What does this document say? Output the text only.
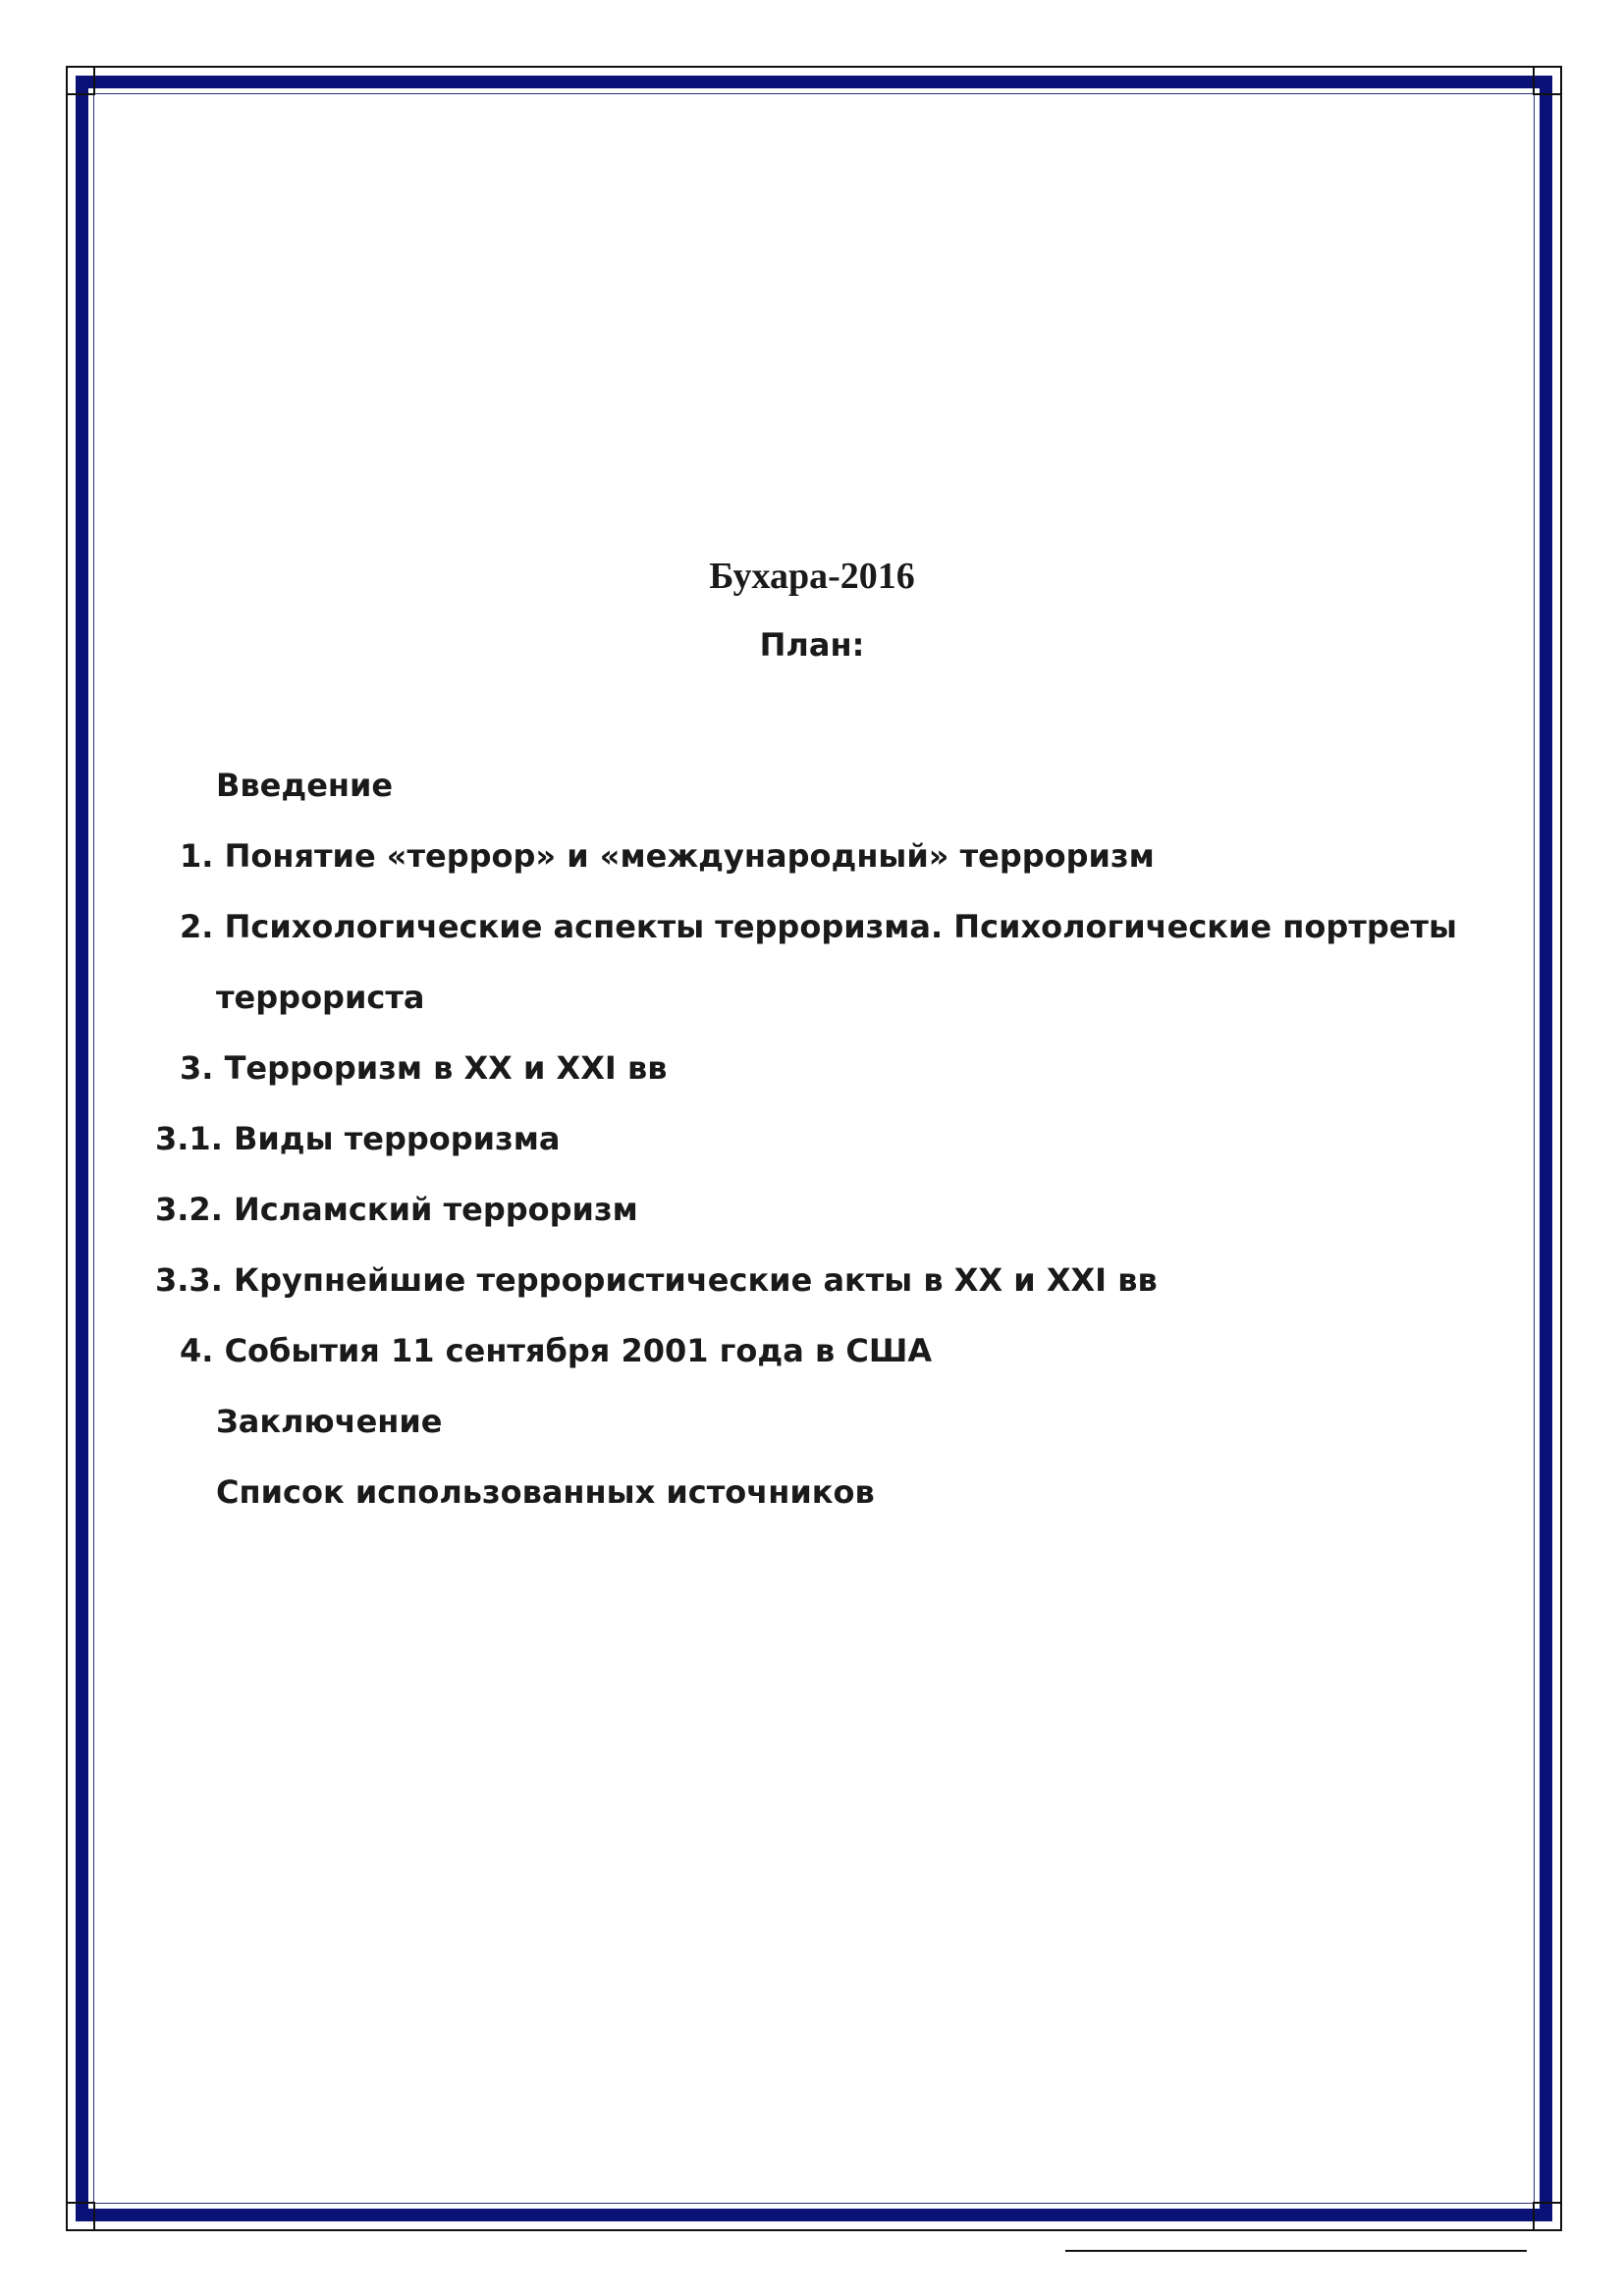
Бухара-2016
План:
Введение
1. Понятие «террор» и «международный» терроризм
2. Психологические аспекты терроризма. Психологические портреты
террориста
3. Терроризм в XX и XXI вв
3.1. Виды терроризма
3.2. Исламский терроризм
3.3. Крупнейшие террористические акты в XX и XXI вв
4. События 11 сентября 2001 года в США
Заключение
Список использованных источников
